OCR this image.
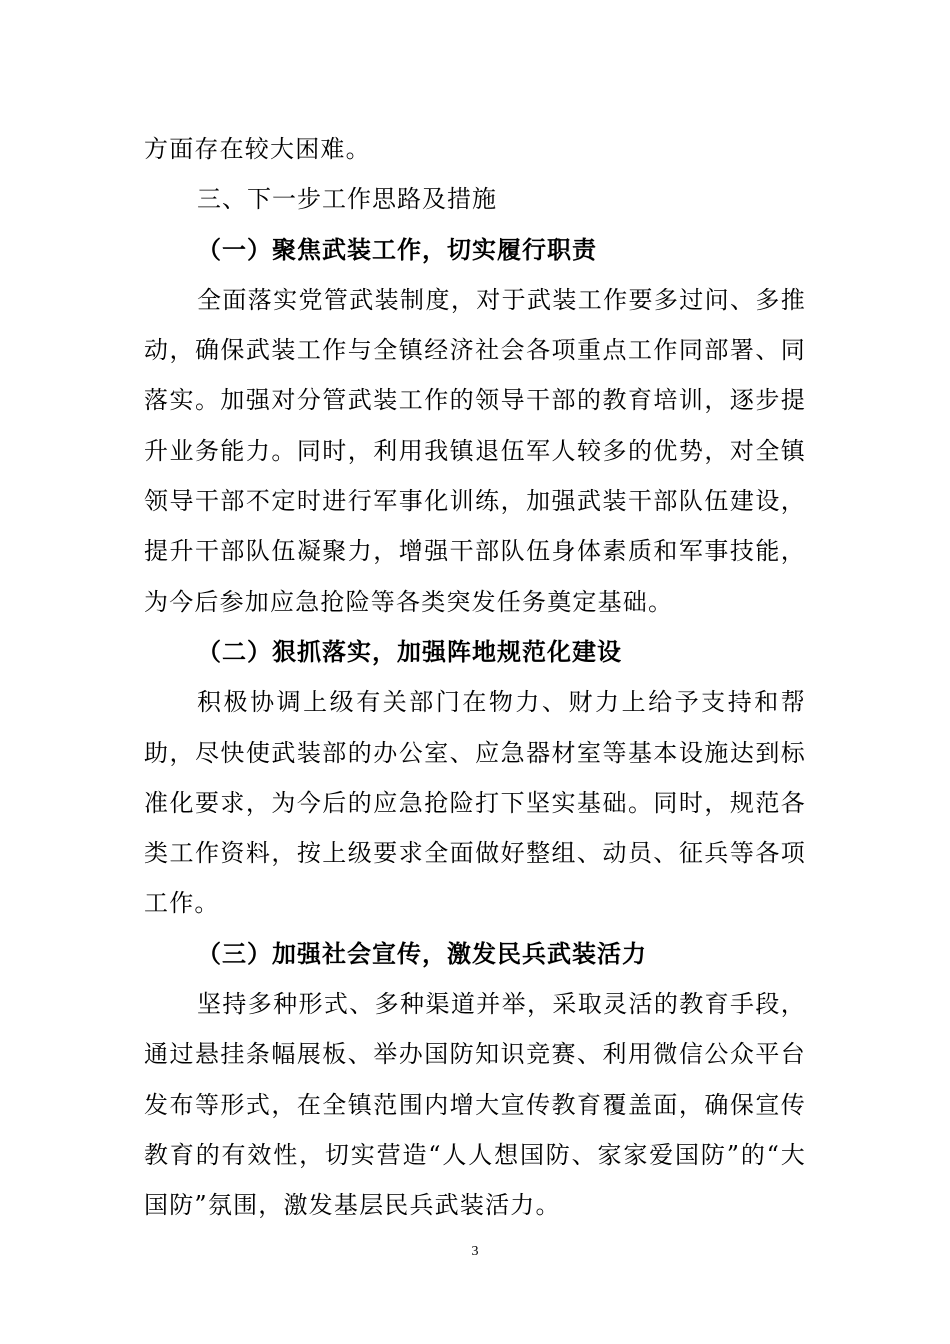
方面存在较大困难。

三、下一步工作思路及措施

（一）聚焦武装工作，切实履行职责

全面落实党管武装制度，对于武装工作要多过问、多推动，确保武装工作与全镇经济社会各项重点工作同部署、同落实。加强对分管武装工作的领导干部的教育培训，逐步提升业务能力。同时，利用我镇退伍军人较多的优势，对全镇领导干部不定时进行军事化训练，加强武装干部队伍建设，提升干部队伍凝聚力，增强干部队伍身体素质和军事技能，为今后参加应急抢险等各类突发任务奠定基础。

（二）狠抓落实，加强阵地规范化建设

积极协调上级有关部门在物力、财力上给予支持和帮助，尽快使武装部的办公室、应急器材室等基本设施达到标准化要求，为今后的应急抢险打下坚实基础。同时，规范各类工作资料，按上级要求全面做好整组、动员、征兵等各项工作。

（三）加强社会宣传，激发民兵武装活力

坚持多种形式、多种渠道并举，采取灵活的教育手段，通过悬挂条幅展板、举办国防知识竞赛、利用微信公众平台发布等形式，在全镇范围内增大宣传教育覆盖面，确保宣传教育的有效性，切实营造“人人想国防、家家爱国防”的“大国防”氛围，激发基层民兵武装活力。

3
